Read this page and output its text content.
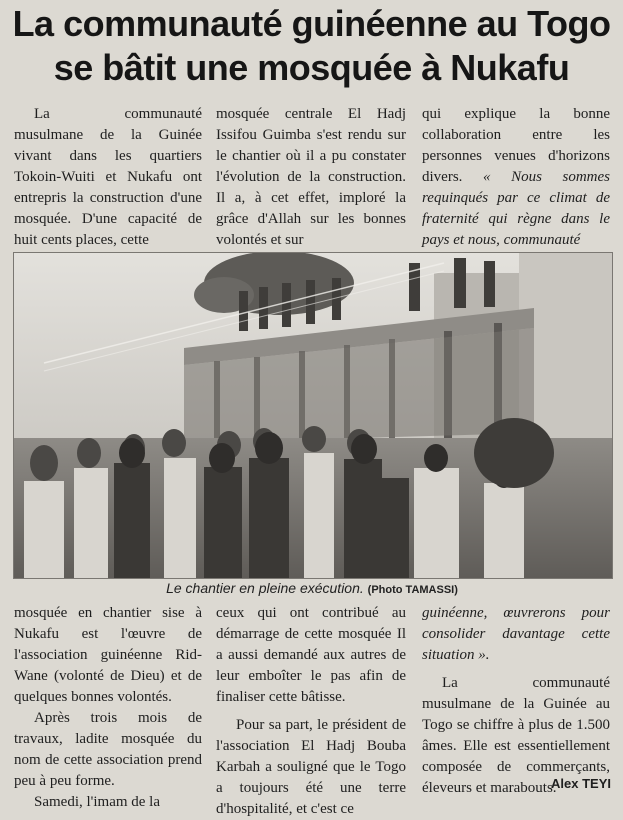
La communauté guinéenne au Togo
se bâtit une mosquée à Nukafu

La communauté musulmane de la Guinée vivant dans les quartiers Tokoin-Wuiti et Nukafu ont entrepris la construction d'une mosquée. D'une capacité de huit cents places, cette

mosquée centrale El Hadj Issifou Guimba s'est rendu sur le chantier où il a pu constater l'évolution de la construction. Il a, à cet effet, imploré la grâce d'Allah sur les bonnes volontés et sur

qui explique la bonne collaboration entre les personnes venues d'horizons divers. « Nous sommes requinqués par ce climat de fraternité qui règne dans le pays et nous, communauté

Le chantier en pleine exécution. (Photo TAMASSI)

mosquée en chantier sise à Nukafu est l'œuvre de l'association guinéenne Rid-Wane (volonté de Dieu) et de quelques bonnes volontés.

Après trois mois de travaux, ladite mosquée du nom de cette association prend peu à peu forme.

Samedi, l'imam de la

ceux qui ont contribué au démarrage de cette mosquée Il a aussi demandé aux autres de leur emboîter le pas afin de finaliser cette bâtisse.

Pour sa part, le président de l'association El Hadj Bouba Karbah a souligné que le Togo a toujours été une terre d'hospitalité, et c'est ce

guinéenne, œuvrerons pour consolider davantage cette situation ».

La communauté musulmane de la Guinée au Togo se chiffre à plus de 1.500 âmes. Elle est essentiellement composée de commerçants, éleveurs et marabouts.

Alex TEYI
